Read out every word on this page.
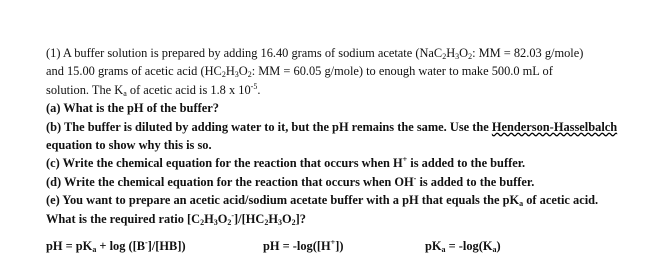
(1) A buffer solution is prepared by adding 16.40 grams of sodium acetate ($NaC_2H_3O_2$: MM = 82.03 g/mole)
and 15.00 grams of acetic acid ($HC_2H_3O_2$: MM = 60.05 g/mole) to enough water to make 500.0 mL of
solution. The $K_a$ of acetic acid is 1.8 x $10^{-5}$.
(a) What is the pH of the buffer?
(b) The buffer is diluted by adding water to it, but the pH remains the same. Use the Henderson-Hasselbalch
equation to show why this is so.
(c) Write the chemical equation for the reaction that occurs when H+ is added to the buffer.
(d) Write the chemical equation for the reaction that occurs when OH- is added to the buffer.
(e) You want to prepare an acetic acid/sodium acetate buffer with a pH that equals the $pK_a$ of acetic acid.
What is the required ratio $[C_2H_3O_2^-]/[HC_2H_3O_2]$?
pH = $pK_a + \log ([B^-]/[HB])$	pH = -log([H+])	$pK_a = -\log(K_a)$
